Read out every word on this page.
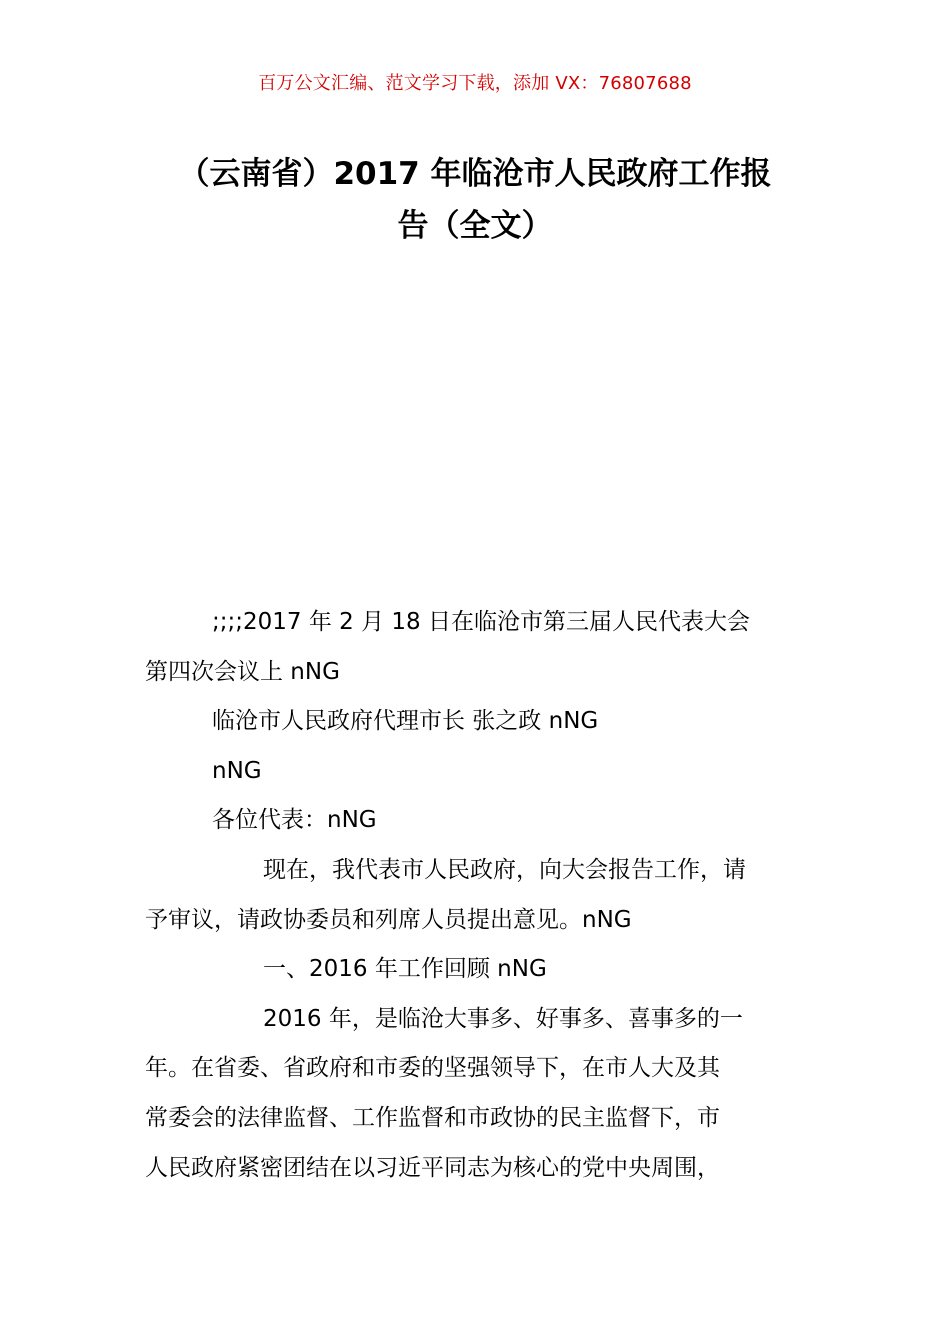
百万公文汇编、范文学习下载，添加 VX：76807688
（云南省）2017 年临沧市人民政府工作报
告（全文）

;;;;2017 年 2 月 18 日在临沧市第三届人民代表大会

第四次会议上 nNG

临沧市人民政府代理市长 张之政 nNG

nNG

各位代表：nNG

现在，我代表市人民政府，向大会报告工作，请

予审议，请政协委员和列席人员提出意见。nNG

一、2016 年工作回顾 nNG

2016 年，是临沧大事多、好事多、喜事多的一

年。在省委、省政府和市委的坚强领导下，在市人大及其

常委会的法律监督、工作监督和市政协的民主监督下，市

人民政府紧密团结在以习近平同志为核心的党中央周围，
